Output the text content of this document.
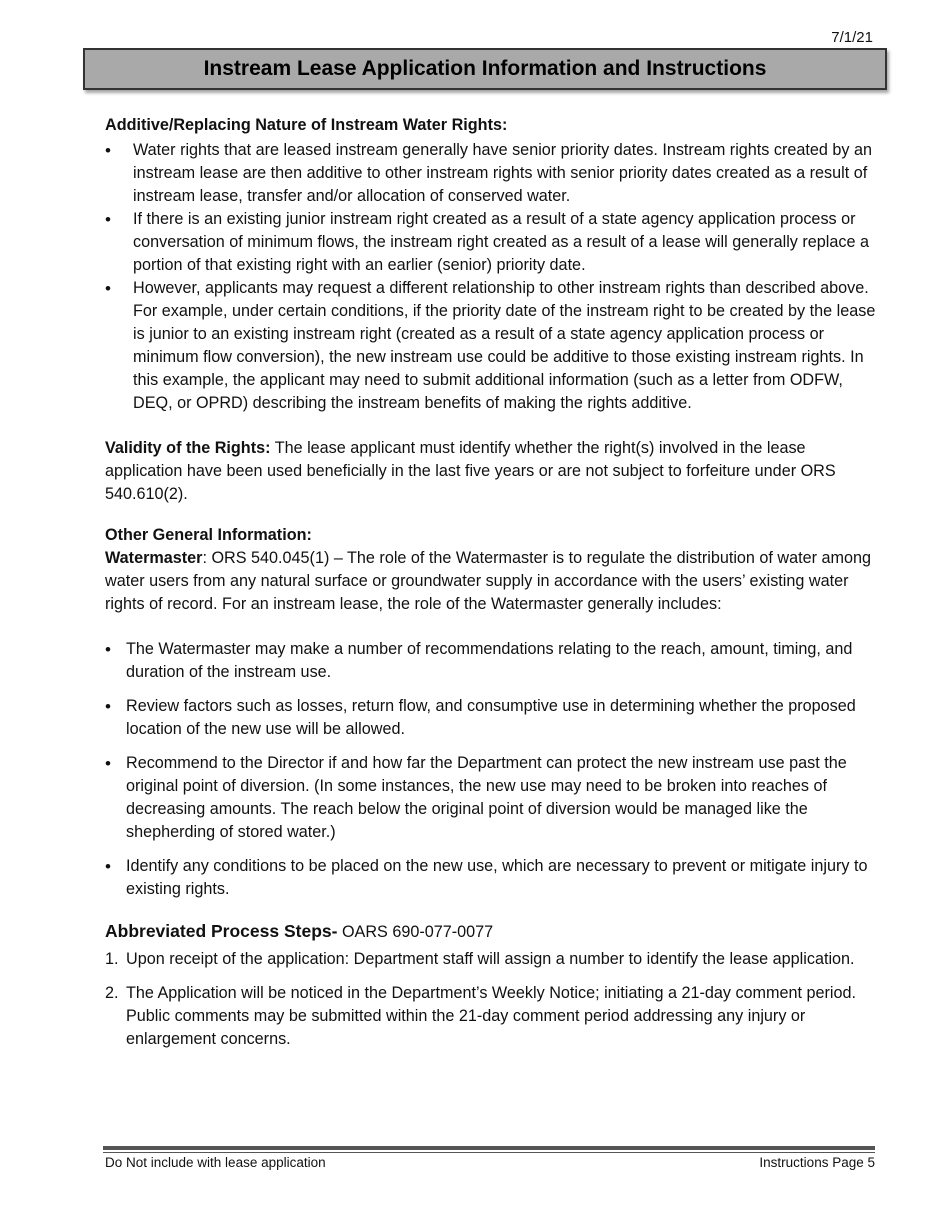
7/1/21
Instream Lease Application Information and Instructions

Additive/Replacing Nature of Instream Water Rights:

• Water rights that are leased instream generally have senior priority dates. Instream rights created by an instream lease are then additive to other instream rights with senior priority dates created as a result of instream lease, transfer and/or allocation of conserved water.
• If there is an existing junior instream right created as a result of a state agency application process or conversation of minimum flows, the instream right created as a result of a lease will generally replace a portion of that existing right with an earlier (senior) priority date.
• However, applicants may request a different relationship to other instream rights than described above. For example, under certain conditions, if the priority date of the instream right to be created by the lease is junior to an existing instream right (created as a result of a state agency application process or minimum flow conversion), the new instream use could be additive to those existing instream rights. In this example, the applicant may need to submit additional information (such as a letter from ODFW, DEQ, or OPRD) describing the instream benefits of making the rights additive.

Validity of the Rights: The lease applicant must identify whether the right(s) involved in the lease application have been used beneficially in the last five years or are not subject to forfeiture under ORS 540.610(2).

Other General Information:

Watermaster: ORS 540.045(1) – The role of the Watermaster is to regulate the distribution of water among water users from any natural surface or groundwater supply in accordance with the users’ existing water rights of record. For an instream lease, the role of the Watermaster generally includes:

• The Watermaster may make a number of recommendations relating to the reach, amount, timing, and duration of the instream use.
• Review factors such as losses, return flow, and consumptive use in determining whether the proposed location of the new use will be allowed.
• Recommend to the Director if and how far the Department can protect the new instream use past the original point of diversion. (In some instances, the new use may need to be broken into reaches of decreasing amounts. The reach below the original point of diversion would be managed like the shepherding of stored water.)
• Identify any conditions to be placed on the new use, which are necessary to prevent or mitigate injury to existing rights.

Abbreviated Process Steps- OARS 690-077-0077

1. Upon receipt of the application: Department staff will assign a number to identify the lease application.
2. The Application will be noticed in the Department’s Weekly Notice; initiating a 21-day comment period. Public comments may be submitted within the 21-day comment period addressing any injury or enlargement concerns.
Do Not include with lease application	Instructions Page 5
